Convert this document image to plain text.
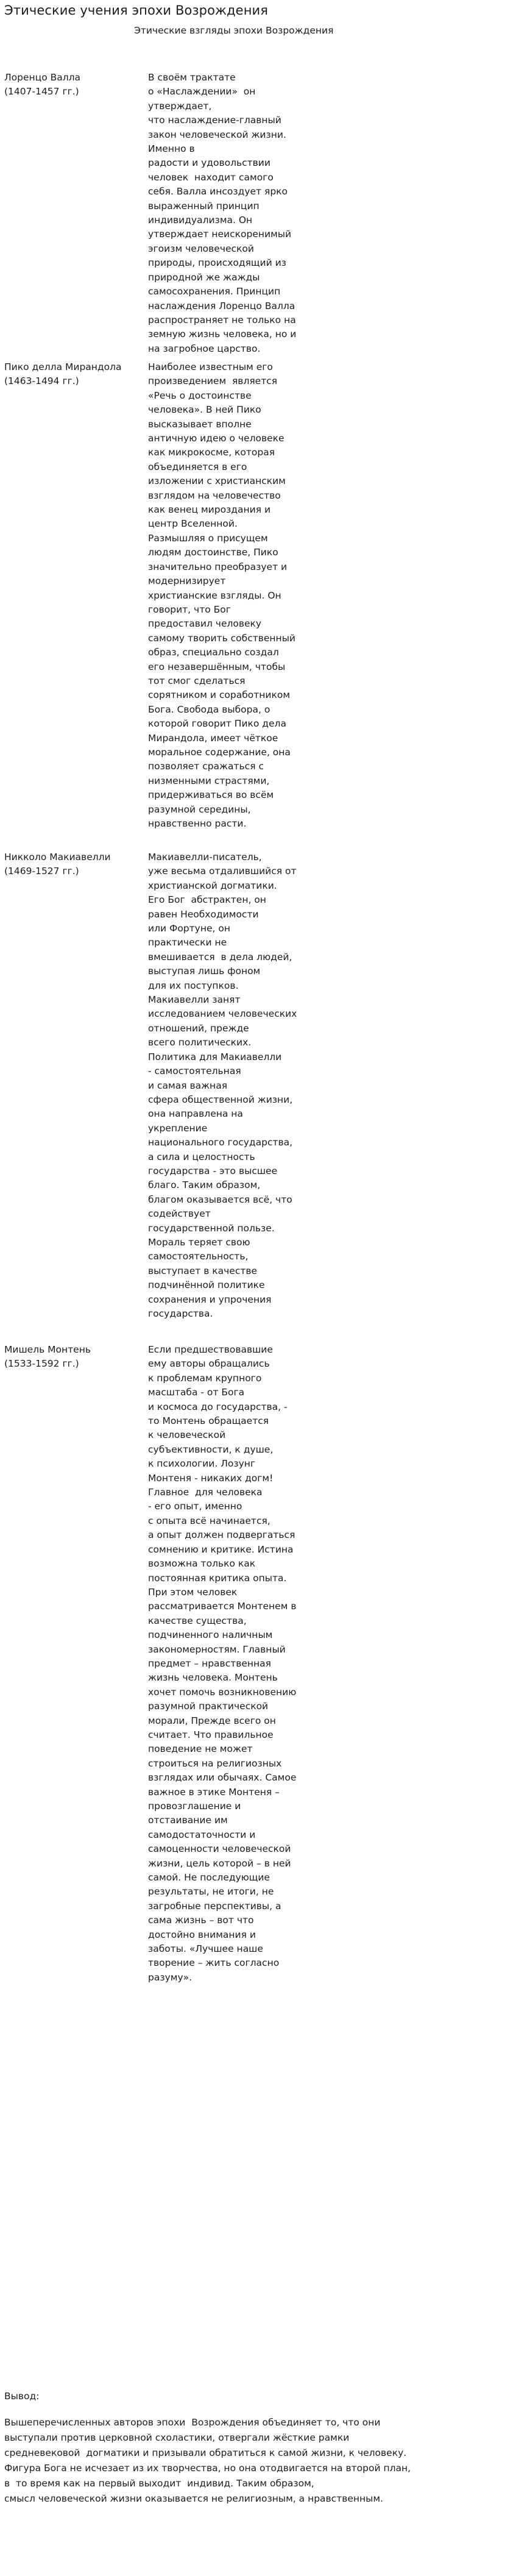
Этические учения эпохи Возрождения
Этические взгляды эпохи Возрождения
Лоренцо Валла
(1407-1457 гг.)
В своём трактате
о «Наслаждении»  он
утверждает,
что наслаждение-главный
закон человеческой жизни.
Именно в
радости и удовольствии
человек  находит самого
себя. Валла инсоздует ярко
выраженный принцип
индивидуализма. Он
утверждает неискоренимый
эгоизм человеческой
природы, происходящий из
природной же жажды
самосохранения. Принцип
наслаждения Лоренцо Валла
распространяет не только на
земную жизнь человека, но и
на загробное царство.
Пико делла Мирандола
(1463-1494 гг.)
Наиболее известным его
произведением  является
«Речь о достоинстве
человека». В ней Пико
высказывает вполне
античную идею о человеке
как микрокосме, которая
объединяется в его
изложении с христианским
взглядом на человечество
как венец мироздания и
центр Вселенной.
Размышляя о присущем
людям достоинстве, Пико
значительно преобразует и
модернизирует
христианские взгляды. Он
говорит, что Бог
предоставил человеку
самому творить собственный
образ, специально создал
его незавершённым, чтобы
тот смог сделаться
сорятником и соработником
Бога. Свобода выбора, о
которой говорит Пико дела
Мирандола, имеет чёткое
моральное содержание, она
позволяет сражаться с
низменными страстями,
придерживаться во всём
разумной середины,
нравственно расти.
Никколо Макиавелли
(1469-1527 гг.)
Макиавелли-писатель,
уже весьма отдалившийся от
христианской догматики.
Его Бог  абстрактен, он
равен Необходимости
или Фортуне, он
практически не
вмешивается  в дела людей,
выступая лишь фоном
для их поступков.
Макиавелли занят
исследованием человеческих
отношений, прежде
всего политических.
Политика для Макиавелли
- самостоятельная
и самая важная
сфера общественной жизни,
она направлена на
укрепление
национального государства,
а сила и целостность
государства - это высшее
благо. Таким образом,
благом оказывается всё, что
содействует
государственной пользе.
Мораль теряет свою
самостоятельность,
выступает в качестве
подчинённой политике
сохранения и упрочения
государства.
Мишель Монтень
(1533-1592 гг.)
Если предшествовавшие
ему авторы обращались
к проблемам крупного
масштаба - от Бога
и космоса до государства, -
то Монтень обращается
к человеческой
субъективности, к душе,
к психологии. Лозунг
Монтеня - никаких догм!
Главное  для человека
- его опыт, именно
с опыта всё начинается,
а опыт должен подвергаться
сомнению и критике. Истина
возможна только как
постоянная критика опыта.
При этом человек
рассматривается Монтенем в
качестве существа,
подчиненного наличным
закономерностям. Главный
предмет – нравственная
жизнь человека. Монтень
хочет помочь возникновению
разумной практической
морали, Прежде всего он
считает. Что правильное
поведение не может
строиться на религиозных
взглядах или обычаях. Самое
важное в этике Монтеня –
провозглашение и
отстаивание им
самодостаточности и
самоценности человеческой
жизни, цель которой – в ней
самой. Не последующие
результаты, не итоги, не
загробные перспективы, а
сама жизнь – вот что
достойно внимания и
заботы. «Лучшее наше
творение – жить согласно
разуму».
Вывод:
Вышеперечисленных авторов эпохи  Возрождения объединяет то, что они
выступали против церковной схоластики, отвергали жёсткие рамки
средневековой  догматики и призывали обратиться к самой жизни, к человеку.
Фигура Бога не исчезает из их творчества, но она отодвигается на второй план,
в  то время как на первый выходит  индивид. Таким образом,
смысл человеческой жизни оказывается не религиозным, а нравственным.
